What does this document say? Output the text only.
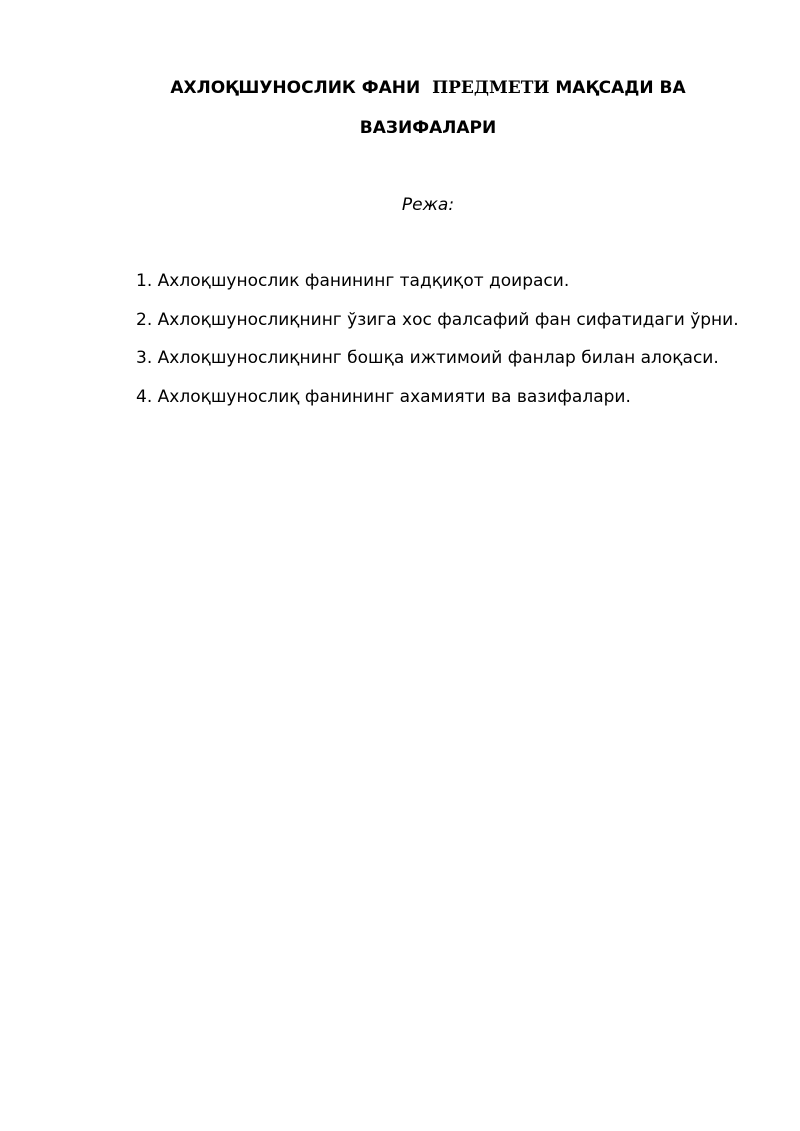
АХЛОҚШУНОСЛИК ФАНИ ПРЕДМЕТИ МАҚСАДИ ВА
ВАЗИФАЛАРИ
Режа:
1. Ахлоқшунослик фанининг тадқиқот доираси.
2. Ахлоқшунослиқнинг ўзига хос фалсафий фан сифатидаги ўрни.
3. Ахлоқшунослиқнинг бошқа ижтимоий фанлар билан алоқаси.
4. Ахлоқшунослиқ фанининг ахамияти ва вазифалари.
